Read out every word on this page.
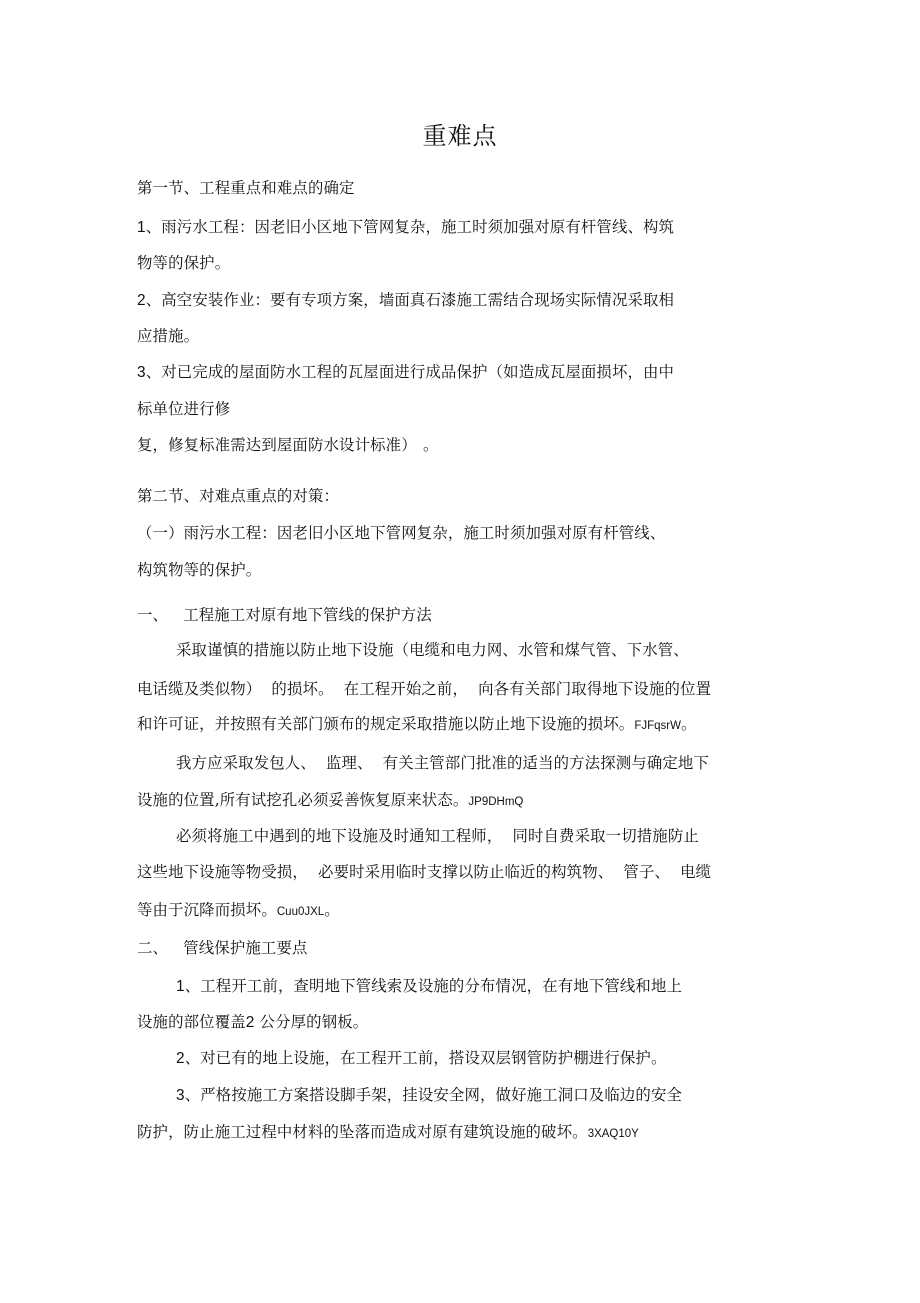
重难点
第一节、工程重点和难点的确定
1、雨污水工程：因老旧小区地下管网复杂，施工时须加强对原有杆管线、构筑
物等的保护。
2、高空安装作业：要有专项方案，墙面真石漆施工需结合现场实际情况采取相
应措施。
3、对已完成的屋面防水工程的瓦屋面进行成品保护（如造成瓦屋面损坏，由中
标单位进行修
复，修复标准需达到屋面防水设计标准） 。
第二节、对难点重点的对策：
（一）雨污水工程：因老旧小区地下管网复杂，施工时须加强对原有杆管线、
构筑物等的保护。
一、   工程施工对原有地下管线的保护方法
采取谨慎的措施以防止地下设施（电缆和电力网、水管和煤气管、下水管、
电话缆及类似物）  的损坏。  在工程开始之前，  向各有关部门取得地下设施的位置
和许可证，并按照有关部门颁布的规定采取措施以防止地下设施的损坏。FJFqsrW。
我方应采取发包人、  监理、  有关主管部门批准的适当的方法探测与确定地下
设施的位置,所有试挖孔必须妥善恢复原来状态。JP9DHmQ
必须将施工中遇到的地下设施及时通知工程师，  同时自费采取一切措施防止
这些地下设施等物受损，  必要时采用临时支撑以防止临近的构筑物、  管子、  电缆
等由于沉降而损坏。Cuu0JXL。
二、   管线保护施工要点
1、工程开工前，查明地下管线索及设施的分布情况，在有地下管线和地上
设施的部位覆盖2 公分厚的钢板。
2、对已有的地上设施，在工程开工前，搭设双层钢管防护棚进行保护。
3、严格按施工方案搭设脚手架，挂设安全网，做好施工洞口及临边的安全
防护，防止施工过程中材料的坠落而造成对原有建筑设施的破坏。3XAQ10Y
